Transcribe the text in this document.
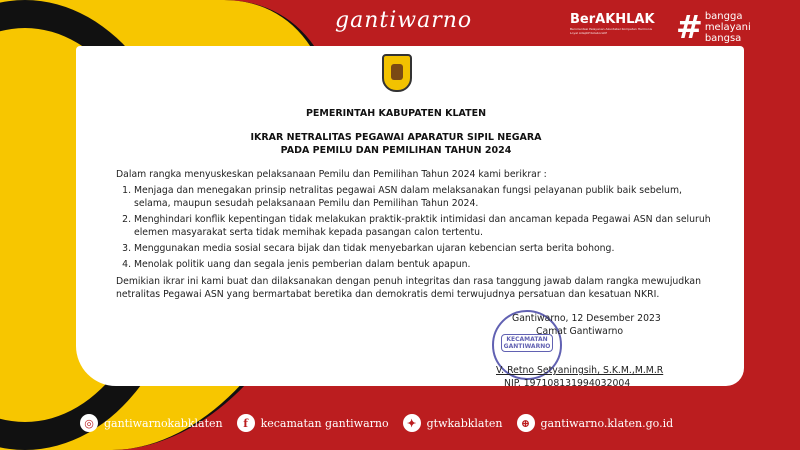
gantiwarno	BerAKHLAK
Berorientasi Pelayanan Akuntabel Kompeten Harmonis Loyal Adaptif Kolaboratif	# bangga
melayani
bangsa
PEMERINTAH KABUPATEN KLATEN
IKRAR NETRALITAS PEGAWAI APARATUR SIPIL NEGARA
PADA PEMILU DAN PEMILIHAN TAHUN 2024

Dalam rangka menyuskeskan pelaksanaan Pemilu dan Pemilihan Tahun 2024 kami berikrar :

1. Menjaga dan menegakan prinsip netralitas pegawai ASN dalam melaksanakan fungsi pelayanan publik baik sebelum, selama, maupun sesudah pelaksanaan Pemilu dan Pemilihan Tahun 2024.
2. Menghindari konflik kepentingan tidak melakukan praktik-praktik intimidasi dan ancaman kepada Pegawai ASN dan seluruh elemen masyarakat serta tidak memihak kepada pasangan calon tertentu.
3. Menggunakan media sosial secara bijak dan tidak menyebarkan ujaran kebencian serta berita bohong.
4. Menolak politik uang dan segala jenis pemberian dalam bentuk apapun.

Demikian ikrar ini kami buat dan dilaksanakan dengan penuh integritas dan rasa tanggung jawab dalam rangka mewujudkan netralitas Pegawai ASN yang bermartabat beretika dan demokratis demi terwujudnya persatuan dan kesatuan NKRI.

KECAMATAN
GANTIWARNO
Gantiwarno, 12 Desember 2023
Camat Gantiwarno
V. Retno Setyaningsih, S.K.M.,M.M.R
NIP. 197108131994032004
◎ gantiwarnokabklaten	f	kecamatan gantiwarno	✦ gtwkabklaten	⊕ gantiwarno.klaten.go.id
